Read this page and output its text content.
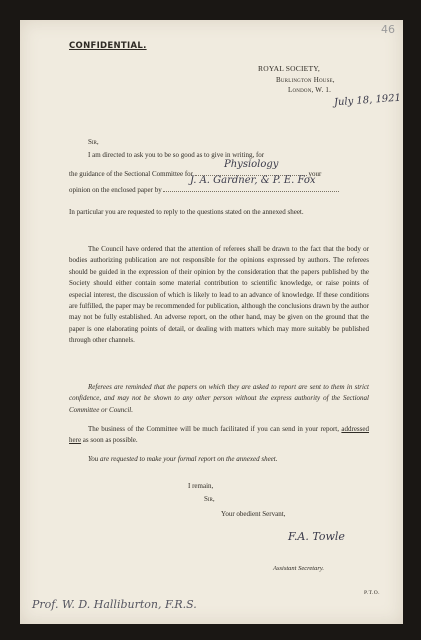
46
CONFIDENTIAL.
ROYAL SOCIETY,
Burlington House,
London, W. 1.
July 18, 1921
Sir,
I am directed to ask you to be so good as to give in writing, for
the guidance of the Sectional Committee for	your
Physiology
opinion on the enclosed paper by
J. A. Gardner, & P. E. Fox
In particular you are requested to reply to the questions stated on the annexed sheet.
The Council have ordered that the attention of referees shall be drawn to the fact that the body or bodies authorizing publication are not responsible for the opinions expressed by authors. The referees should be guided in the expression of their opinion by the consideration that the papers published by the Society should either contain some material contribution to scientific knowledge, or raise points of especial interest, the discussion of which is likely to lead to an advance of knowledge. If these conditions are fulfilled, the paper may be recommended for publication, although the conclusions drawn by the author may not be fully established. An adverse report, on the other hand, may be given on the ground that the paper is one elaborating points of detail, or dealing with matters which may more suitably be published through other channels.
Referees are reminded that the papers on which they are asked to report are sent to them in strict confidence, and may not be shown to any other person without the express authority of the Sectional Committee or Council.
The business of the Committee will be much facilitated if you can send in your report, addressed here as soon as possible.
You are requested to make your formal report on the annexed sheet.
I remain,
Sir,
Your obedient Servant,
F.A. Towle
Assistant Secretary.
P.T.O.
Prof. W. D. Halliburton, F.R.S.
